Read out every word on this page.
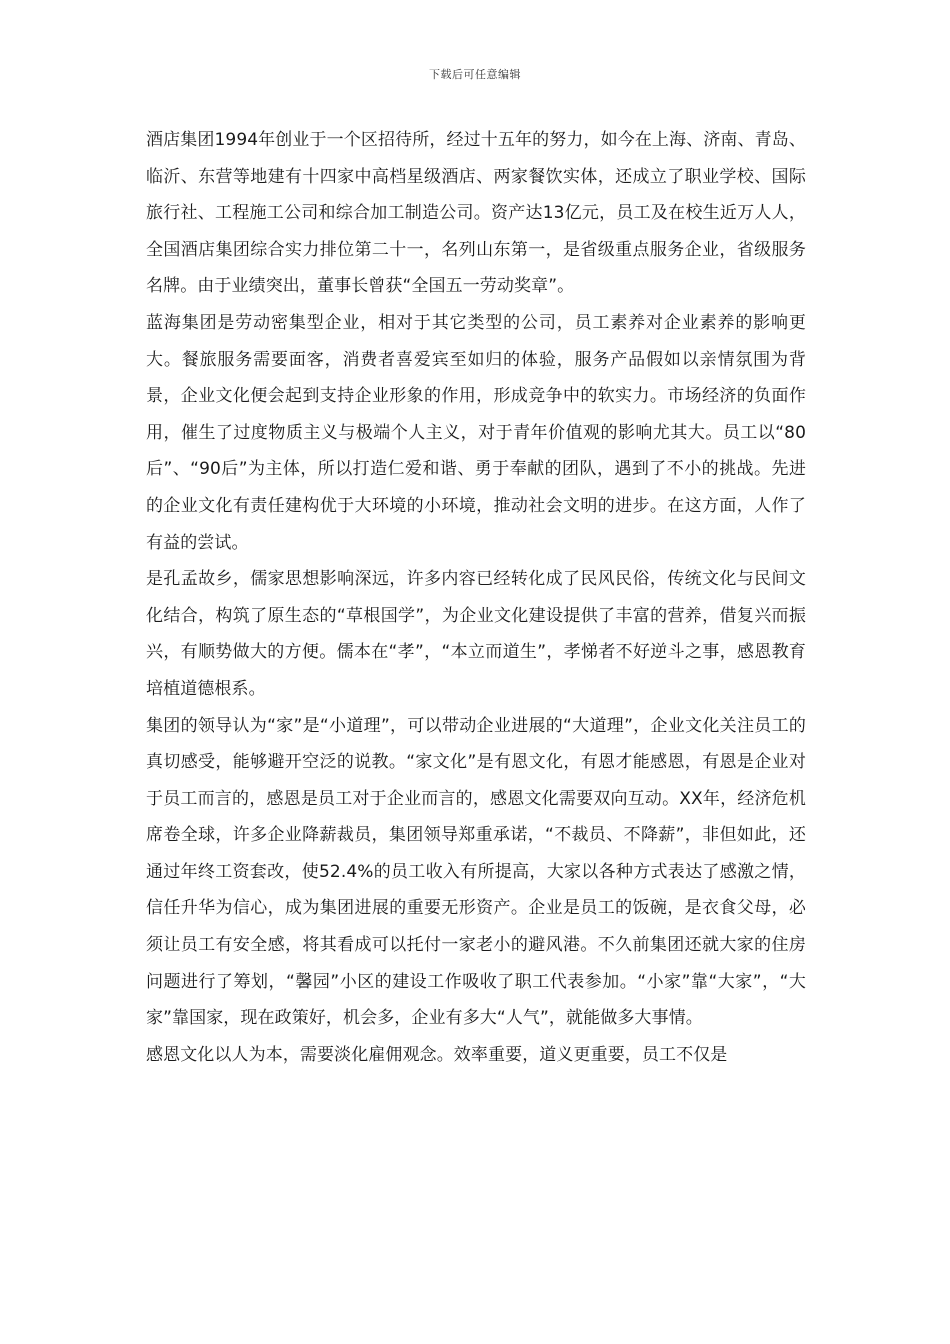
下载后可任意编辑

酒店集团1994年创业于一个区招待所，经过十五年的努力，如今在上海、济南、青岛、临沂、东营等地建有十四家中高档星级酒店、两家餐饮实体，还成立了职业学校、国际旅行社、工程施工公司和综合加工制造公司。资产达13亿元，员工及在校生近万人人，全国酒店集团综合实力排位第二十一，名列山东第一，是省级重点服务企业，省级服务名牌。由于业绩突出，董事长曾获“全国五一劳动奖章”。

蓝海集团是劳动密集型企业，相对于其它类型的公司，员工素养对企业素养的影响更大。餐旅服务需要面客，消费者喜爱宾至如归的体验，服务产品假如以亲情氛围为背景，企业文化便会起到支持企业形象的作用，形成竞争中的软实力。市场经济的负面作用，催生了过度物质主义与极端个人主义，对于青年价值观的影响尤其大。员工以“80后”、“90后”为主体，所以打造仁爱和谐、勇于奉献的团队，遇到了不小的挑战。先进的企业文化有责任建构优于大环境的小环境，推动社会文明的进步。在这方面，人作了有益的尝试。

是孔孟故乡，儒家思想影响深远，许多内容已经转化成了民风民俗，传统文化与民间文化结合，构筑了原生态的“草根国学”，为企业文化建设提供了丰富的营养，借复兴而振兴，有顺势做大的方便。儒本在“孝”，“本立而道生”，孝悌者不好逆斗之事，感恩教育培植道德根系。

集团的领导认为“家”是“小道理”，可以带动企业进展的“大道理”，企业文化关注员工的真切感受，能够避开空泛的说教。“家文化”是有恩文化，有恩才能感恩，有恩是企业对于员工而言的，感恩是员工对于企业而言的，感恩文化需要双向互动。XX年，经济危机席卷全球，许多企业降薪裁员，集团领导郑重承诺，“不裁员、不降薪”，非但如此，还通过年终工资套改，使52.4%的员工收入有所提高，大家以各种方式表达了感激之情，信任升华为信心，成为集团进展的重要无形资产。企业是员工的饭碗，是衣食父母，必须让员工有安全感，将其看成可以托付一家老小的避风港。不久前集团还就大家的住房问题进行了筹划，“馨园”小区的建设工作吸收了职工代表参加。“小家”靠“大家”，“大家”靠国家，现在政策好，机会多，企业有多大“人气”，就能做多大事情。

感恩文化以人为本，需要淡化雇佣观念。效率重要，道义更重要，员工不仅是
